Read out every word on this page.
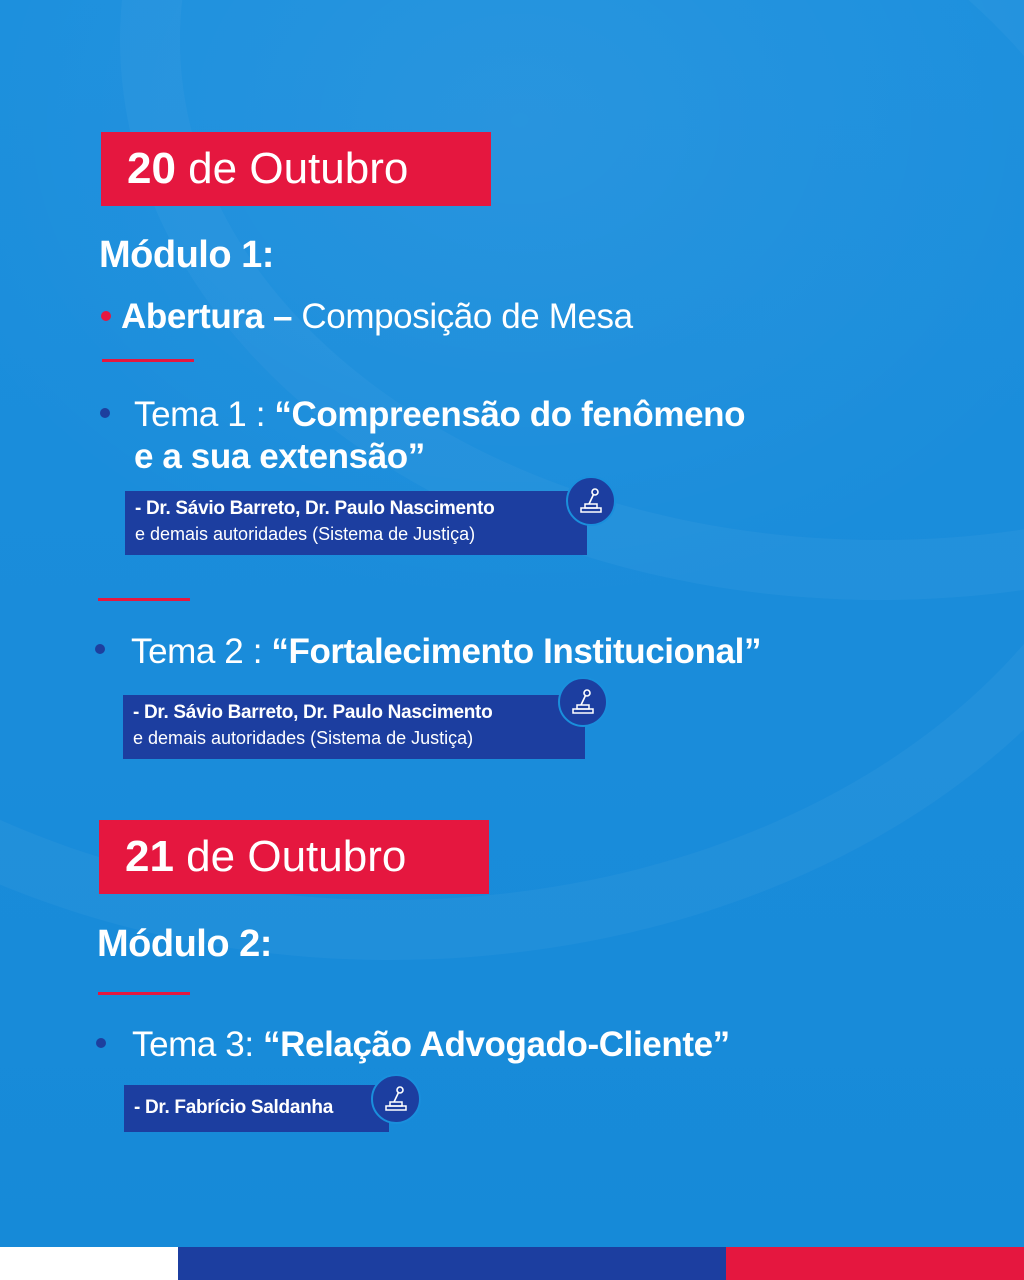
20 de Outubro
Módulo 1:
Abertura – Composição de Mesa
Tema 1 : “Compreensão do fenômeno
e a sua extensão”
- Dr. Sávio Barreto, Dr. Paulo Nascimento
e demais autoridades (Sistema de Justiça)
Tema 2 : “Fortalecimento Institucional”
- Dr. Sávio Barreto, Dr. Paulo Nascimento
e demais autoridades (Sistema de Justiça)
21 de Outubro
Módulo 2:
Tema 3: “Relação Advogado-Cliente”
- Dr. Fabrício Saldanha
